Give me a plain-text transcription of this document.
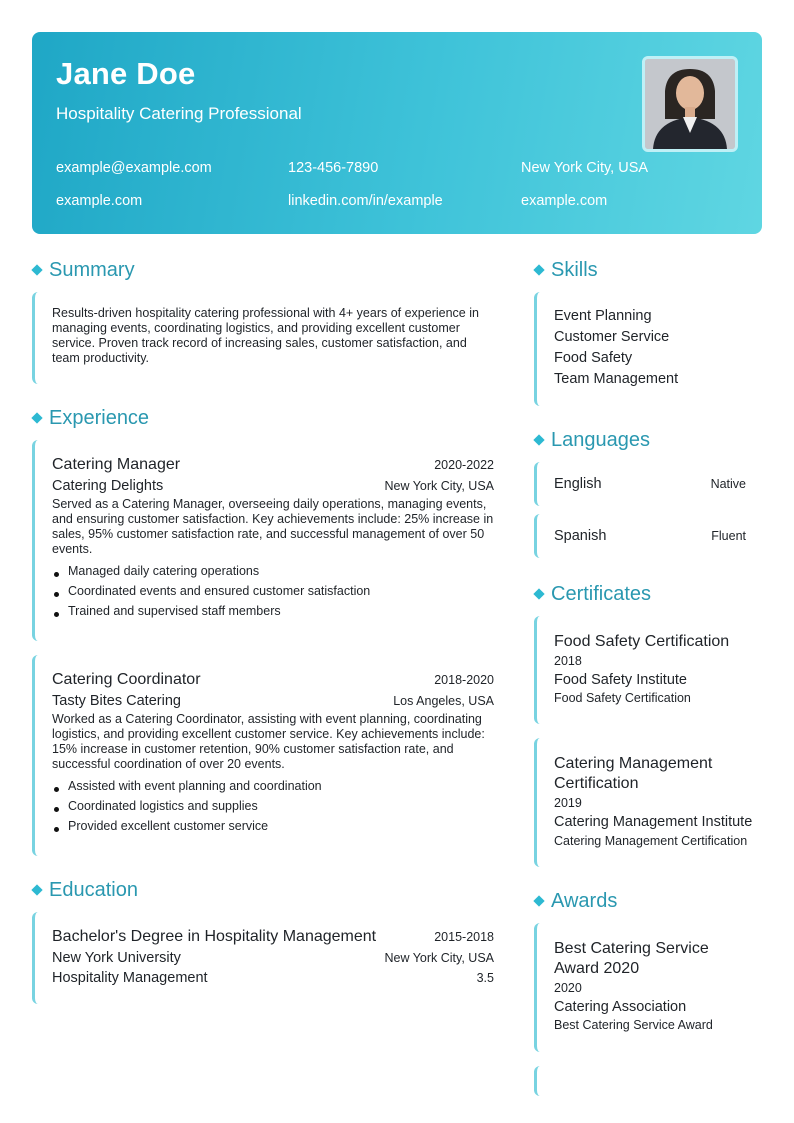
Jane Doe
Hospitality Catering Professional
example@example.com	123-456-7890	New York City, USA
example.com	linkedin.com/in/example	example.com
Summary

Results-driven hospitality catering professional with 4+ years of experience in managing events, coordinating logistics, and providing excellent customer service. Proven track record of increasing sales, customer satisfaction, and team productivity.

Experience
Catering Manager	2020-2022
Catering Delights	New York City, USA

Served as a Catering Manager, overseeing daily operations, managing events, and ensuring customer satisfaction. Key achievements include: 25% increase in sales, 95% customer satisfaction rate, and successful management of over 50 events.

Managed daily catering operations
Coordinated events and ensured customer satisfaction
Trained and supervised staff members
Catering Coordinator	2018-2020
Tasty Bites Catering	Los Angeles, USA

Worked as a Catering Coordinator, assisting with event planning, coordinating logistics, and providing excellent customer service. Key achievements include: 15% increase in customer retention, 90% customer satisfaction rate, and successful coordination of over 20 events.

Assisted with event planning and coordination
Coordinated logistics and supplies
Provided excellent customer service
Education
Bachelor's Degree in Hospitality Management	2015-2018
New York University	New York City, USA
Hospitality Management	3.5
Skills
Event Planning
Customer Service
Food Safety
Team Management
Languages
English	Native
Spanish	Fluent
Certificates
Food Safety Certification
2018
Food Safety Institute
Food Safety Certification
Catering Management Certification
2019
Catering Management Institute
Catering Management Certification
Awards
Best Catering Service Award 2020
2020
Catering Association
Best Catering Service Award
